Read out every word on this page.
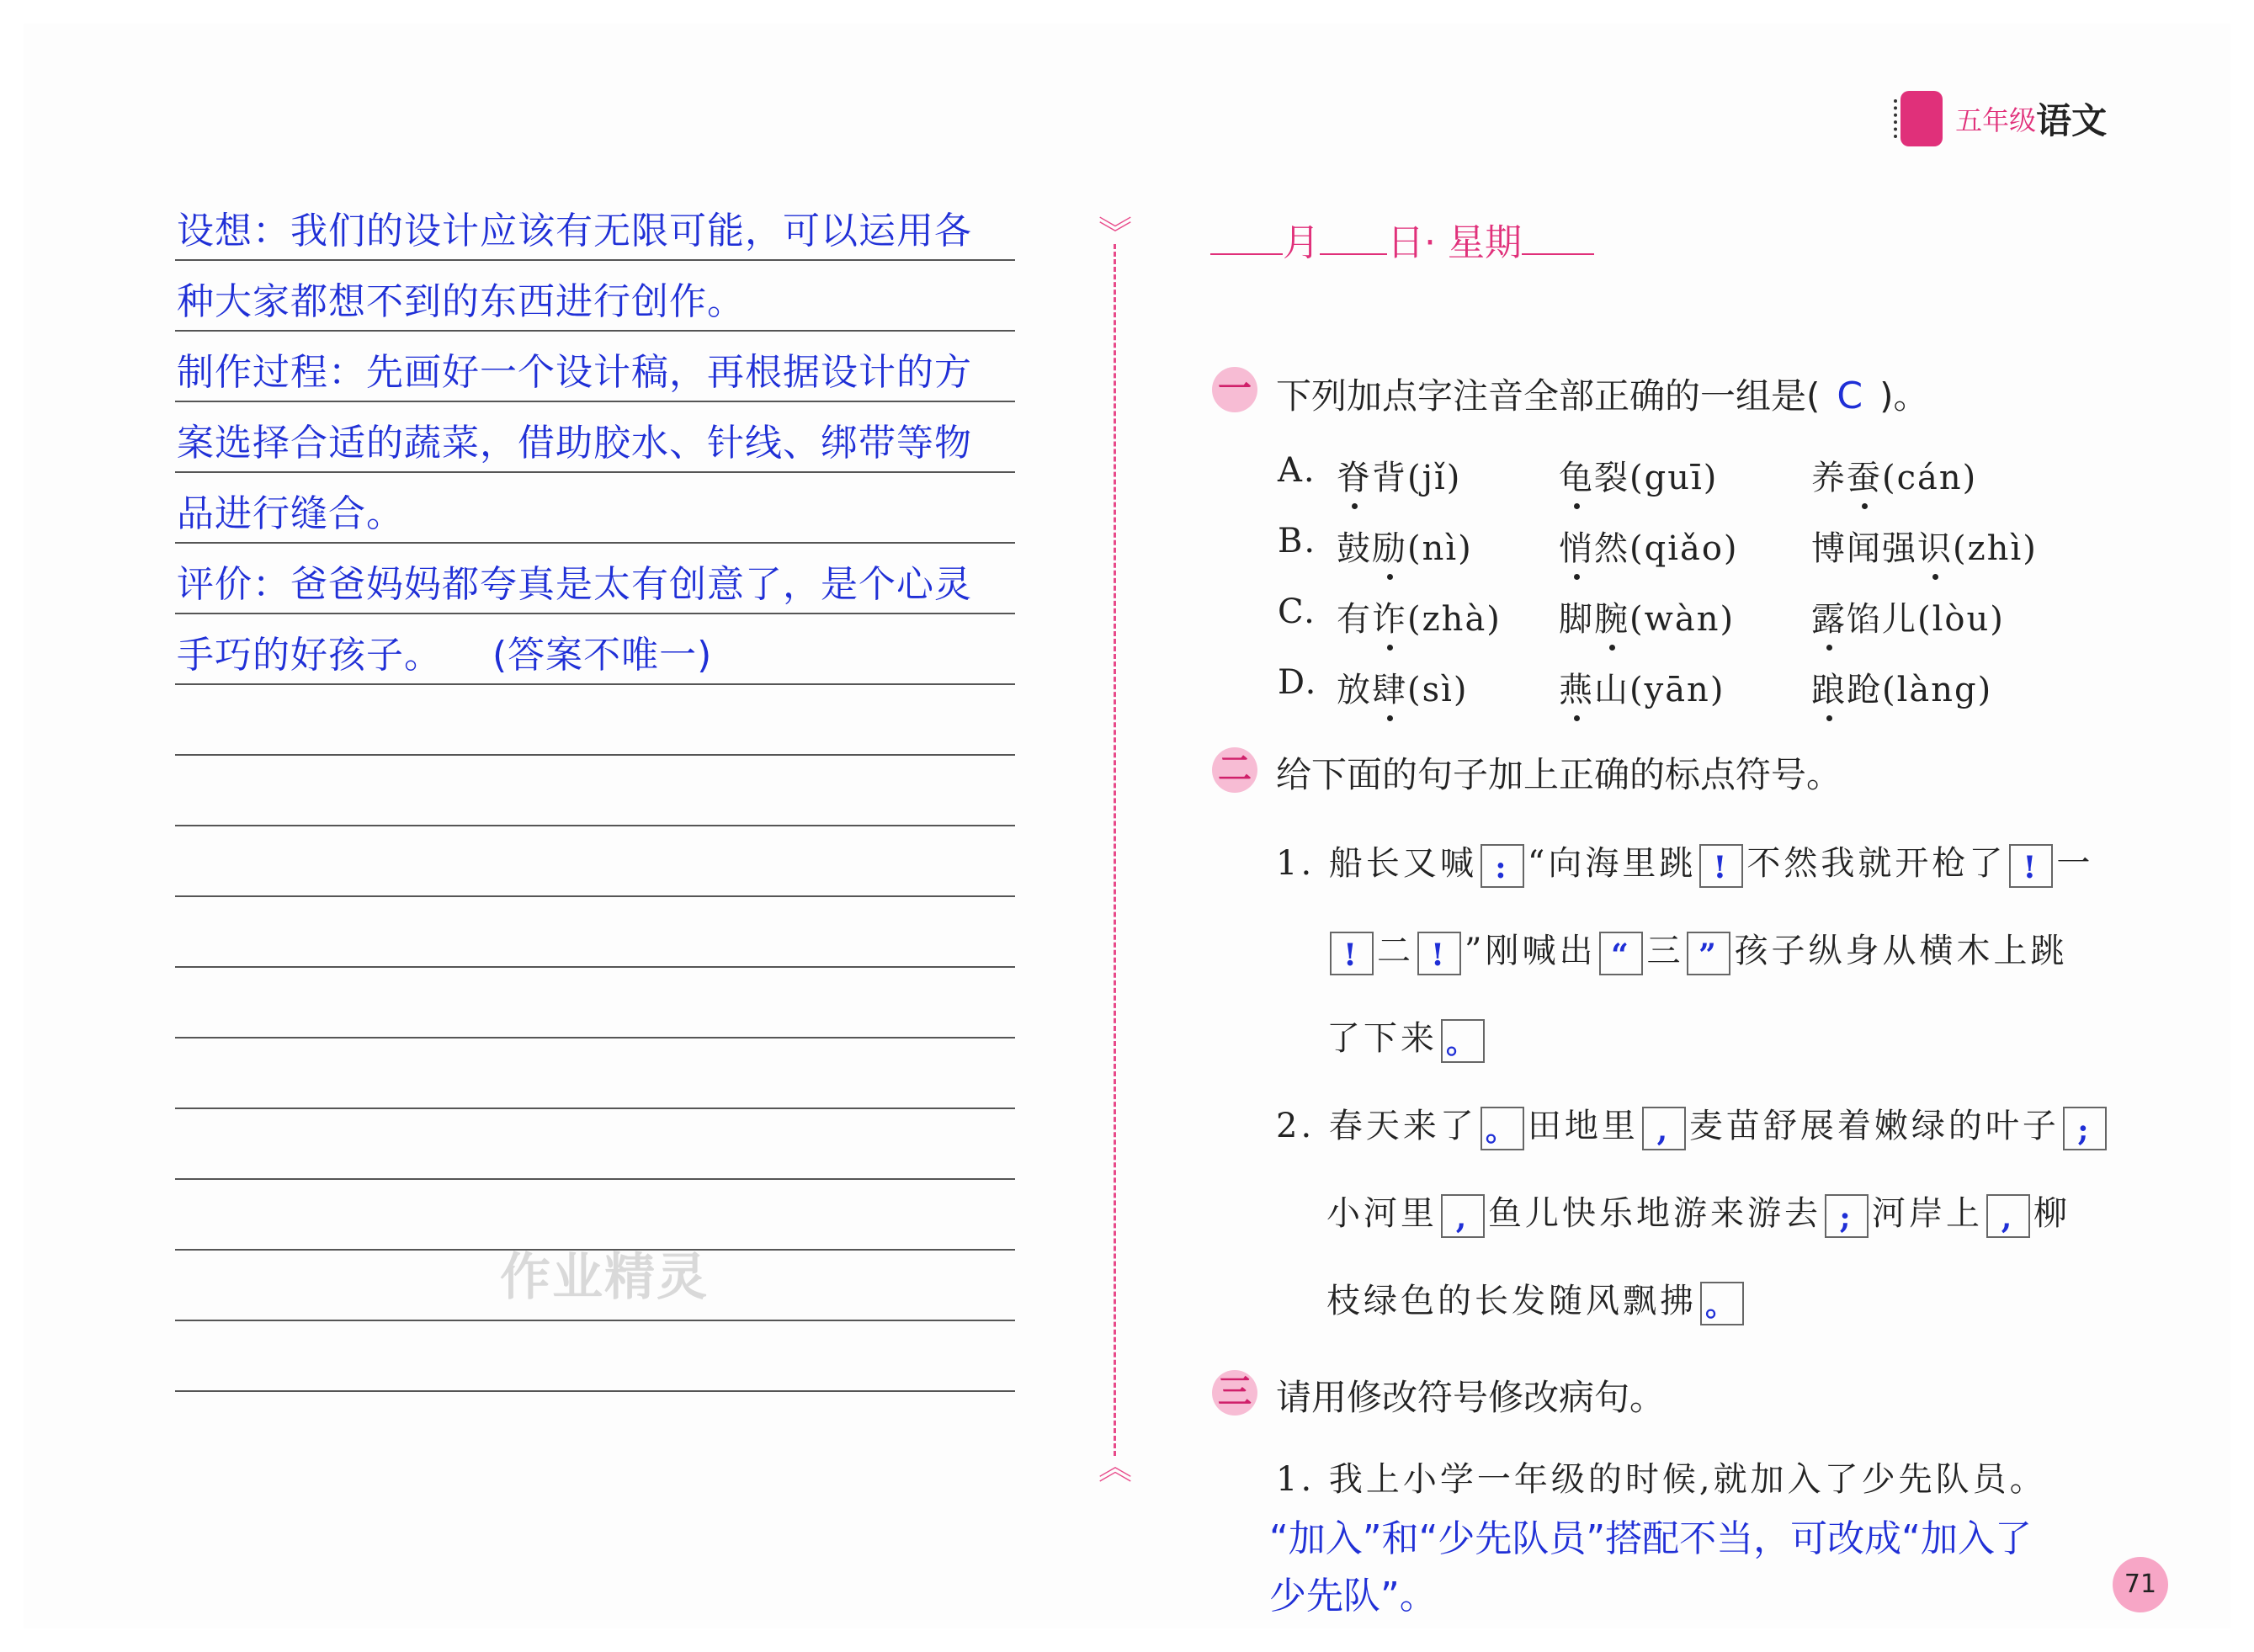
五年级语文
设想：我们的设计应该有无限可能，可以运用各
种大家都想不到的东西进行创作。
制作过程：先画好一个设计稿，再根据设计的方
案选择合适的蔬菜，借助胶水、针线、绑带等物
品进行缝合。
评价：爸爸妈妈都夸真是太有创意了，是个心灵
手巧的好孩子。 (答案不唯一)
作业精灵
︾
︽
月 日· 星期
一 下列加点字注音全部正确的一组是( C )。
A. 脊背(jǐ)	龟裂(guī)	养蚕(cán)
B. 鼓励(nì)	悄然(qiǎo) 博闻强识(zhì)
C. 有诈(zhà) 脚腕(wàn) 露馅儿(lòu)
D. 放肆(sì)	燕山(yān)	踉跄(làng)
二 给下面的句子加上正确的标点符号。
1. 船长又喊 : “向海里跳 ! 不然我就开枪了 ! 一
! 二 ! ”刚喊出 “ 三 ” 孩子纵身从横木上跳
了下来 。
2. 春天来了 。 田地里 , 麦苗舒展着嫩绿的叶子 ;
小河里 , 鱼儿快乐地游来游去 ; 河岸上 , 柳
枝绿色的长发随风飘拂 。
三 请用修改符号修改病句。
1. 我上小学一年级的时候,就加入了少先队员。
“加入”和“少先队员”搭配不当，可改成“加入了
少先队”。	71
